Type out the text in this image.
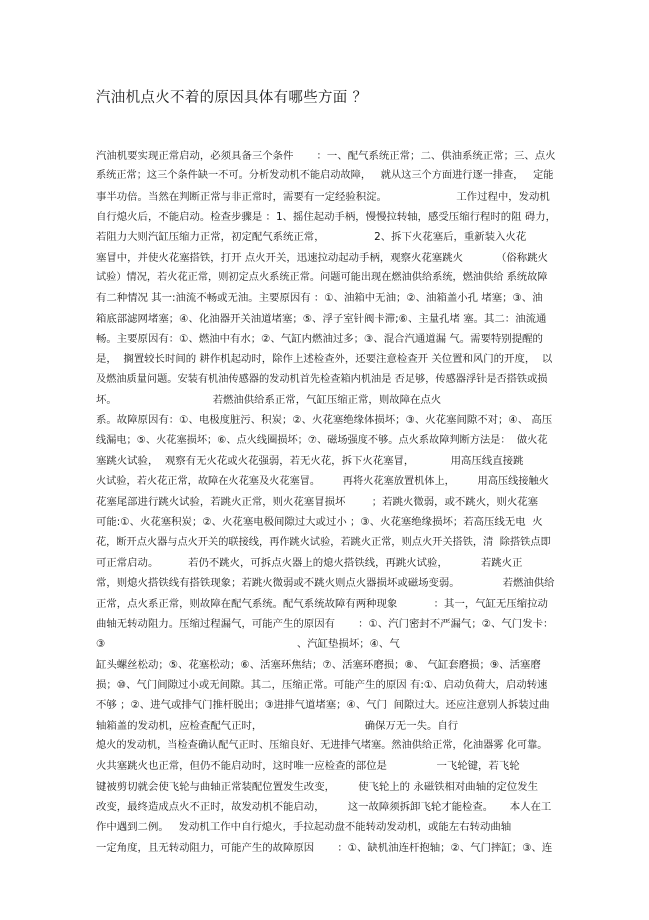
汽油机点火不着的原因具体有哪些方面 ？
汽油机要实现正常启动，必须具备三个条件       ：一、配气系统正常；二、供油系统正常；三、点火
系统正常；这三个条件缺一不可。分析发动机不能启动故障，   就从这三个方面进行逐一排查，   定能
事半功倍。当然在判断正常与非正常时，需要有一定经验积淀。                     工作过程中，发动机
自行熄火后，不能启动。检查步骤是 ：1、摇住起动手柄，慢慢拉转轴，感受压缩行程时的阻 碍力，
若阻力大则汽缸压缩力正常，初定配气系统正常，               2、拆下火花塞后，重新装入火花
塞冒中，并使火花塞搭铁，打开 点火开关，迅速拉动起动手柄，观察火花塞跳火          （俗称跳火
试验）情况，若火花正常，则初定点火系统正常。问题可能出现在燃油供给系统，燃油供给 系统故障
有二种情况 其一:油流不畅或无油。主要原因有 ：①、油箱中无油；②、油箱盖小孔 堵塞；③、油
箱底部滤网堵塞；④、化油器开关油道堵塞；⑤、浮子室针阀卡滞;⑥、主量孔堵 塞。其二：油流通
畅。主要原因有：①、燃油中有水；②、气缸内燃油过多；③、混合汽通道漏 气。需要特别提醒的
是，  搁置较长时间的 耕作机起动时，除作上述检查外，还要注意检查开 关位置和风门的开度，  以
及燃油质量问题。安装有机油传感器的发动机首先检查箱内机油是 否足够，传感器浮针是否搭铁或损
坏。                             若燃油供给系正常，气缸压缩正常，则故障在点火
系。故障原因有：①、电极度脏污、积炭；②、火花塞绝缘体损坏；③、火花塞间隙不对；④、 高压
线漏电；⑤、火花塞损坏；⑥、点火线圈损坏；⑦、磁场强度不够。点火系故障判断方法是：  做火花
塞跳火试验，  观察有无火花或火花强弱，若无火花，拆下火花塞冒，           用高压线直接跳
火试验，若火花正常，故障在火花塞及火花塞冒。       再将火花塞放置机体上，       用高压线接触火
花塞尾部进行跳火试验，若跳火正常，则火花塞冒损坏        ；若跳火微弱，或不跳火，则火花塞
可能:①、火花塞积炭；②、火花塞电极间隙过大或过小 ；③、火花塞绝缘损坏；若高压线无电  火
花，断开点火器与点火开关的联接线，再作跳火试验，若跳火正常，则点火开关搭铁，清  除搭铁点即
可正常启动。         若仍不跳火，可拆点火器上的熄火搭铁线，再跳火试验，          若跳火正
常，则熄火搭铁线有搭铁现象；若跳火微弱或不跳火则点火器损坏或磁场变弱。             若燃油供给
正常，点火系正常，则故障在配气系统。配气系统故障有两种现象           ：其一，气缸无压缩拉动
曲轴无转动阻力。压缩过程漏气，可能产生的原因有       ：①、汽门密封不严漏气；②、气门发卡：
③                                                          、汽缸垫损坏；④、气
缸头螺丝松动；⑤、花塞松动；⑥、活塞环焦结；⑦、活塞环磨损；⑧、 气缸套磨损；⑨、活塞磨
损；⑩、气门间隙过小或无间隙。其二，压缩正常。可能产生的原因 有:①、启动负荷大，启动转速
不够 ；②、进气或排气门推杆脱出；③进排气道堵塞；④、气门  间隙过大。还应注意别人拆装过曲
轴箱盖的发动机，应检查配气正时，                               确保万无一失。自行
熄火的发动机，当检查确认配气正时、压缩良好、无进排气堵塞。然油供给正常，化油器雾 化可靠。
火共塞跳火也正常，但仍不能启动时，这时唯一应检查的部位是               一飞轮键，若飞轮
键被剪切就会使飞轮与曲轴正常装配位置发生改变，       使飞轮上的 永磁铁相对曲轴的定位发生
改变，最终造成点火不正时，故发动机不能启动，       这一故障须拆卸飞轮才能检查。     本人在工
作中遇到二例。   发动机工作中自行熄火，手拉起动盘不能转动发动机，或能左右转动曲轴
一定角度，且无转动阻力，可能产生的故障原因       ：①、缺机油连杆抱轴；②、气门摔缸；③、连
